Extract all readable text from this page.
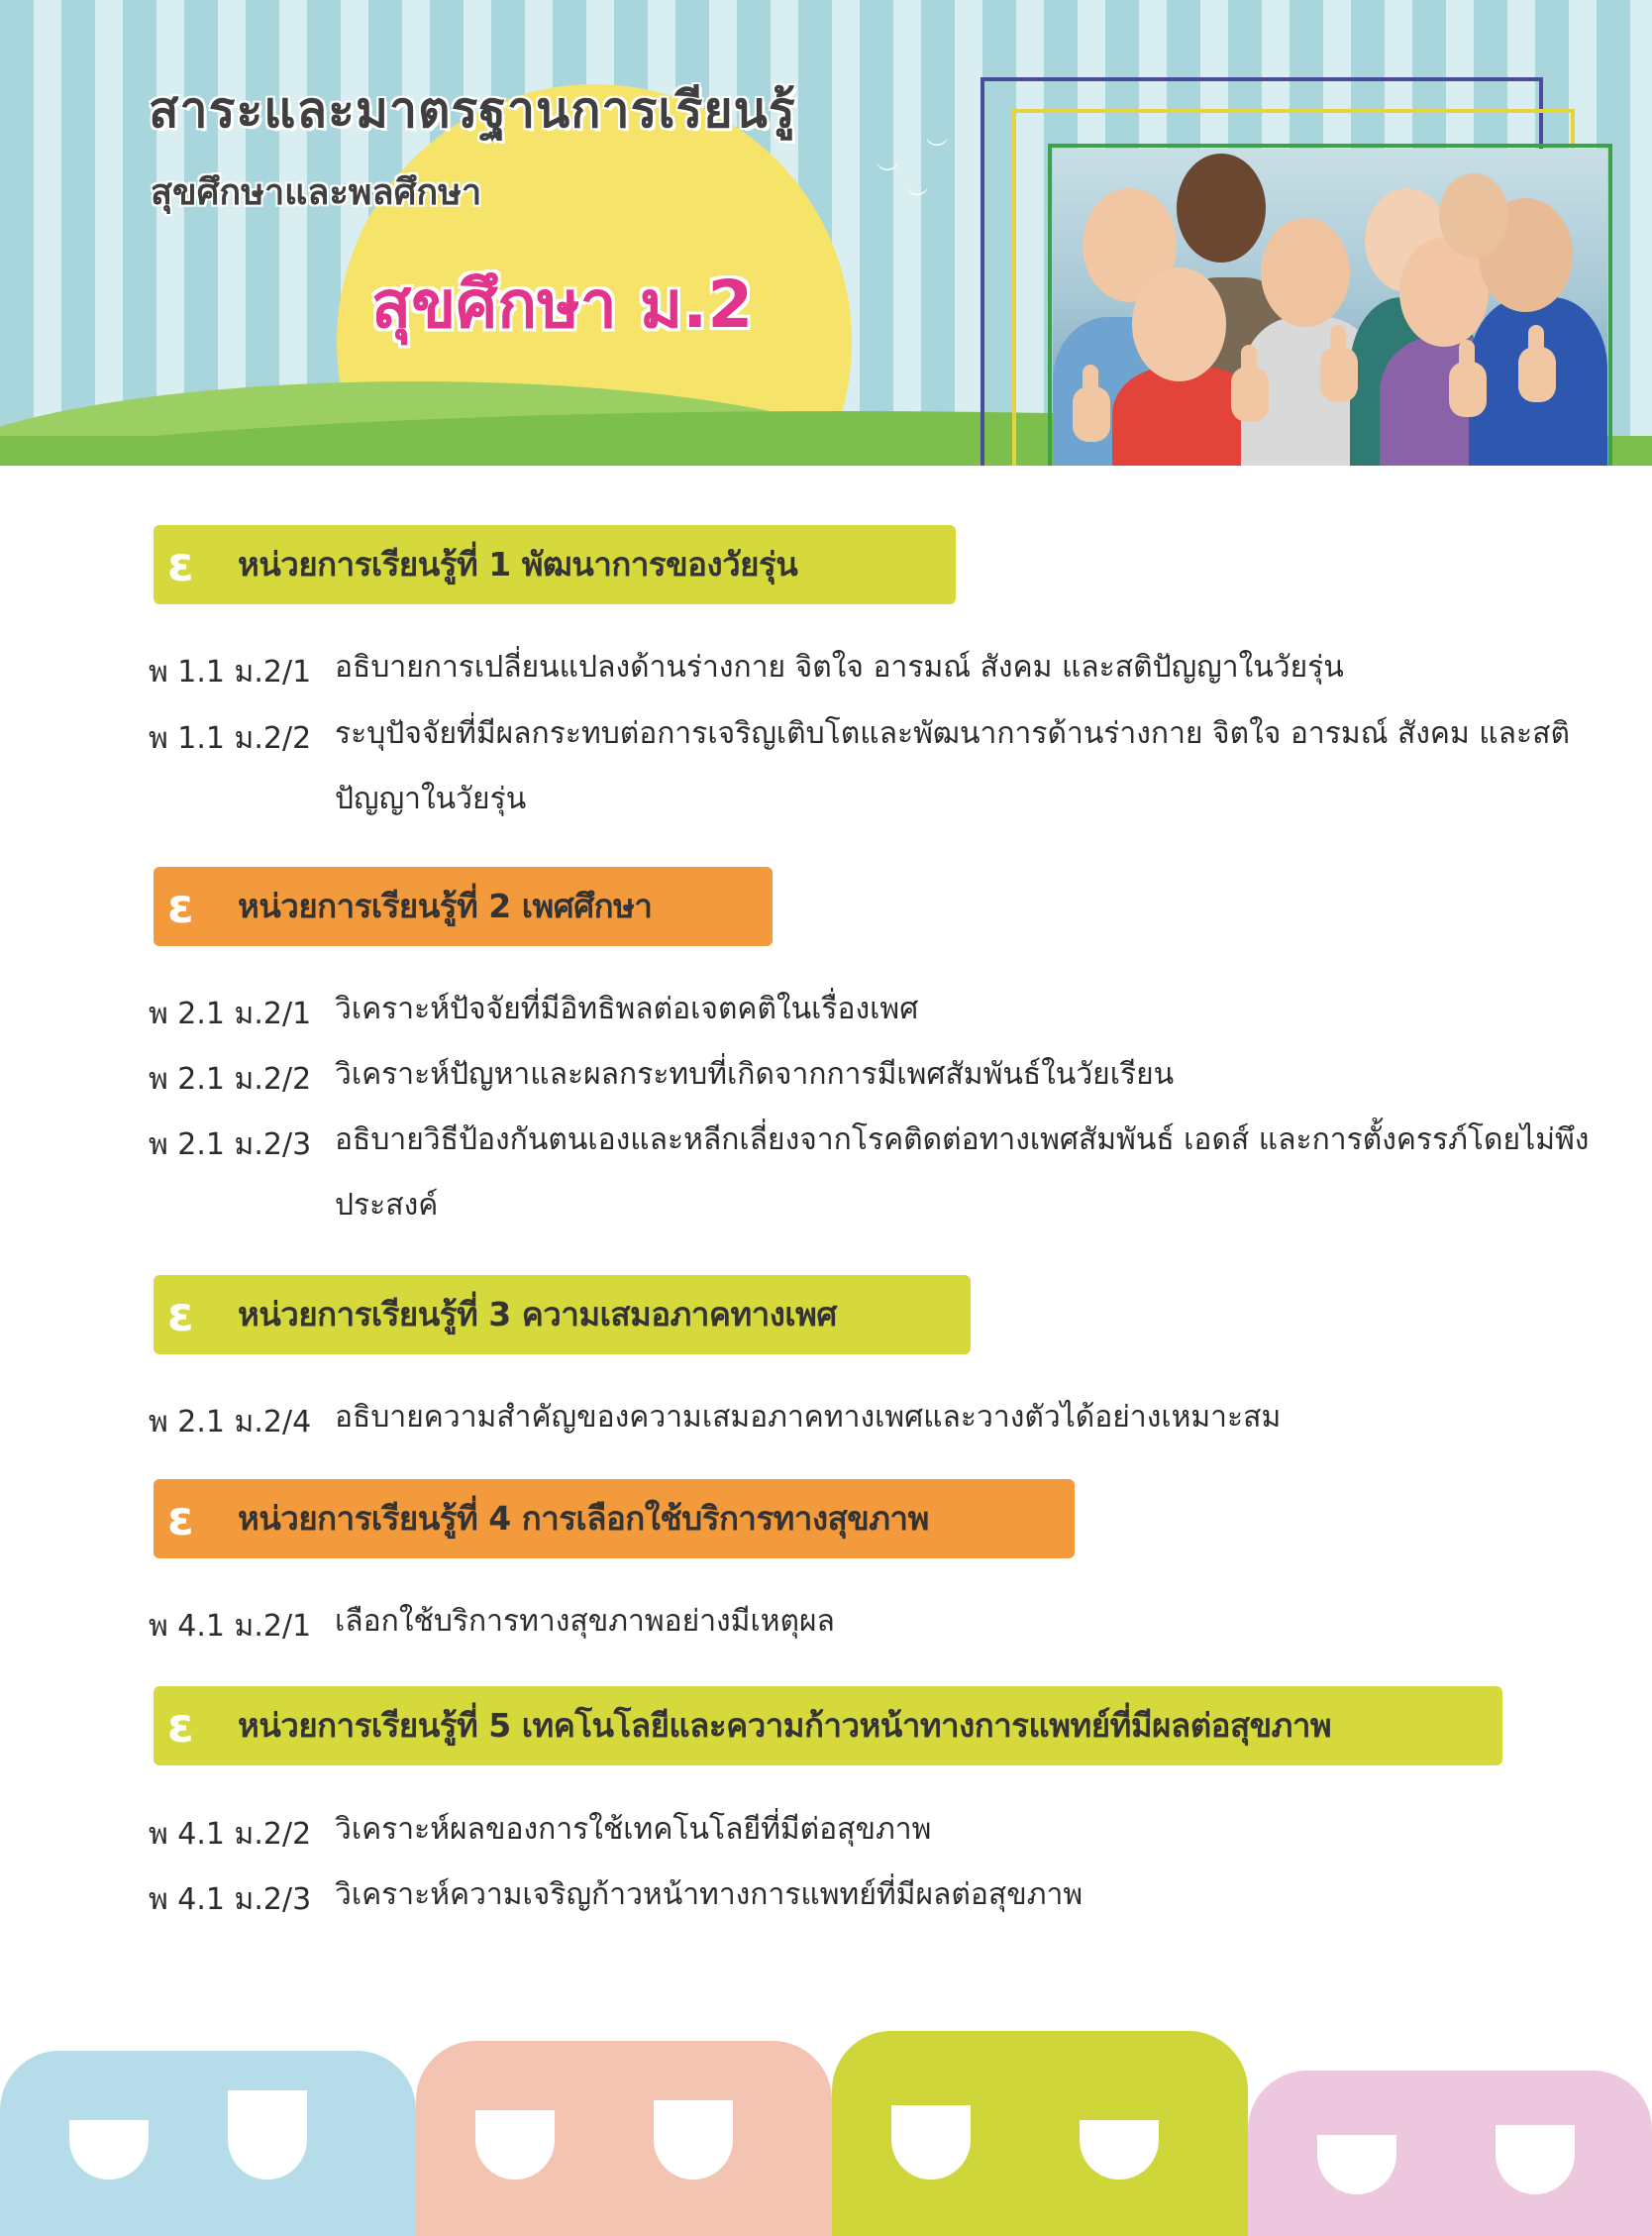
︶
︶
︶
สาระและมาตรฐานการเรียนรู้
สุขศึกษาและพลศึกษา
สุขศึกษา ม.2
ɛ หน่วยการเรียนรู้ที่ 1 พัฒนาการของวัยรุ่น
พ 1.1 ม.2/1 อธิบายการเปลี่ยนแปลงด้านร่างกาย จิตใจ อารมณ์ สังคม และสติปัญญาในวัยรุ่น
พ 1.1 ม.2/2 ระบุปัจจัยที่มีผลกระทบต่อการเจริญเติบโตและพัฒนาการด้านร่างกาย จิตใจ อารมณ์ สังคม และสติปัญญาในวัยรุ่น
ɛ หน่วยการเรียนรู้ที่ 2 เพศศึกษา
พ 2.1 ม.2/1 วิเคราะห์ปัจจัยที่มีอิทธิพลต่อเจตคติในเรื่องเพศ
พ 2.1 ม.2/2 วิเคราะห์ปัญหาและผลกระทบที่เกิดจากการมีเพศสัมพันธ์ในวัยเรียน
พ 2.1 ม.2/3 อธิบายวิธีป้องกันตนเองและหลีกเลี่ยงจากโรคติดต่อทางเพศสัมพันธ์ เอดส์ และการตั้งครรภ์โดยไม่พึงประสงค์
ɛ หน่วยการเรียนรู้ที่ 3 ความเสมอภาคทางเพศ
พ 2.1 ม.2/4 อธิบายความสำคัญของความเสมอภาคทางเพศและวางตัวได้อย่างเหมาะสม
ɛ หน่วยการเรียนรู้ที่ 4 การเลือกใช้บริการทางสุขภาพ
พ 4.1 ม.2/1 เลือกใช้บริการทางสุขภาพอย่างมีเหตุผล
ɛ หน่วยการเรียนรู้ที่ 5 เทคโนโลยีและความก้าวหน้าทางการแพทย์ที่มีผลต่อสุขภาพ
พ 4.1 ม.2/2 วิเคราะห์ผลของการใช้เทคโนโลยีที่มีต่อสุขภาพ
พ 4.1 ม.2/3 วิเคราะห์ความเจริญก้าวหน้าทางการแพทย์ที่มีผลต่อสุขภาพ
